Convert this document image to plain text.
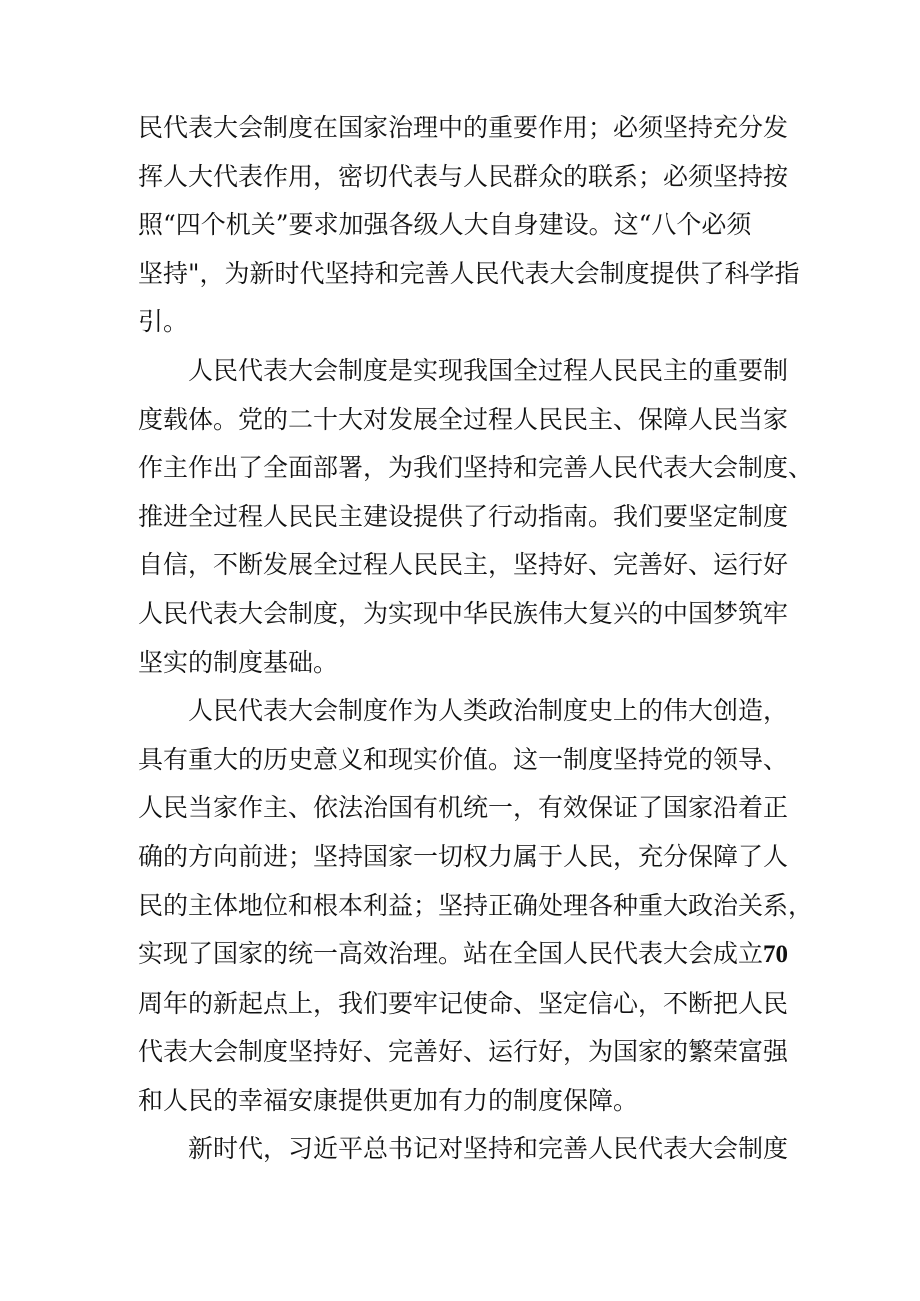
民代表大会制度在国家治理中的重要作用；必须坚持充分发
挥人大代表作用，密切代表与人民群众的联系；必须坚持按
照“四个机关”要求加强各级人大自身建设。这“八个必须
坚持"，为新时代坚持和完善人民代表大会制度提供了科学指
引。
人民代表大会制度是实现我国全过程人民民主的重要制
度载体。党的二十大对发展全过程人民民主、保障人民当家
作主作出了全面部署，为我们坚持和完善人民代表大会制度、
推进全过程人民民主建设提供了行动指南。我们要坚定制度
自信，不断发展全过程人民民主，坚持好、完善好、运行好
人民代表大会制度，为实现中华民族伟大复兴的中国梦筑牢
坚实的制度基础。
人民代表大会制度作为人类政治制度史上的伟大创造，
具有重大的历史意义和现实价值。这一制度坚持党的领导、
人民当家作主、依法治国有机统一，有效保证了国家沿着正
确的方向前进；坚持国家一切权力属于人民，充分保障了人
民的主体地位和根本利益；坚持正确处理各种重大政治关系，
实现了国家的统一高效治理。站在全国人民代表大会成立70
周年的新起点上，我们要牢记使命、坚定信心，不断把人民
代表大会制度坚持好、完善好、运行好，为国家的繁荣富强
和人民的幸福安康提供更加有力的制度保障。
新时代，习近平总书记对坚持和完善人民代表大会制度
